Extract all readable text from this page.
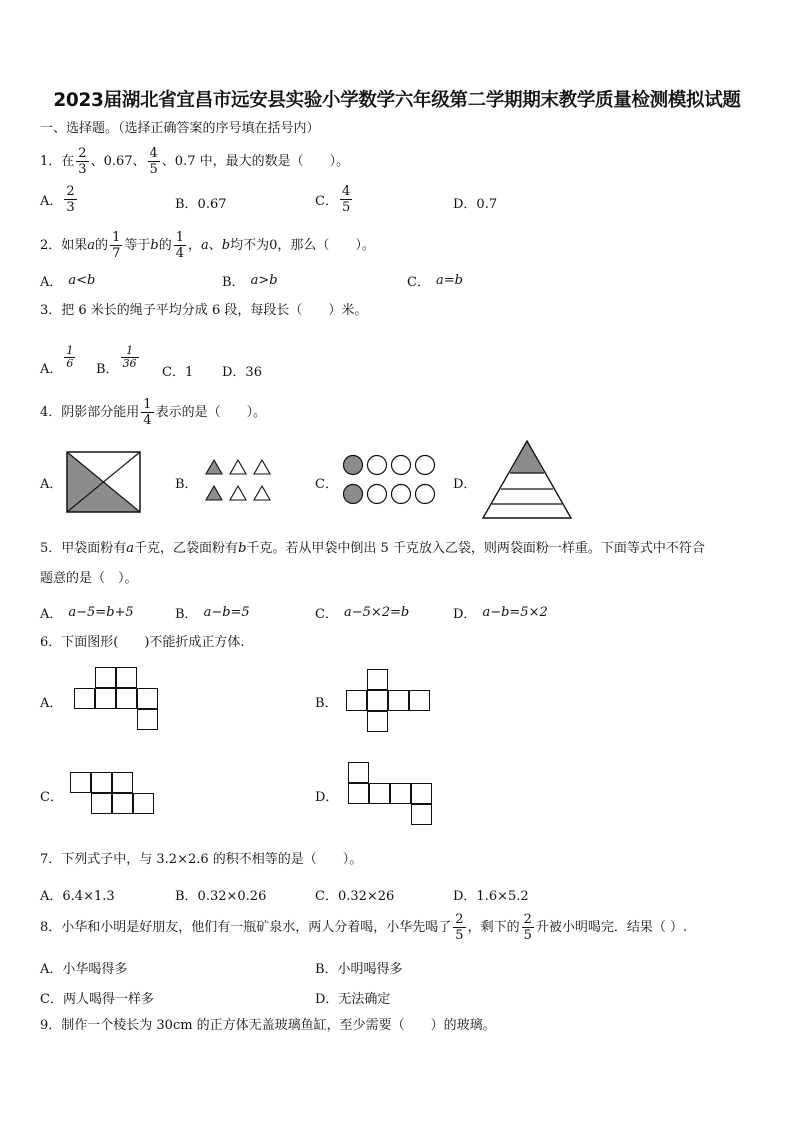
2023届湖北省宜昌市远安县实验小学数学六年级第二学期期末教学质量检测模拟试题
一、选择题。（选择正确答案的序号填在括号内）
1．在 $\frac{2}{3}$ 、0.67、 $\frac{4}{5}$ 、0.7 中，最大的数是（　　）。
A． $\frac{2}{3}$	B．0.67	C． $\frac{4}{5}$	D．0.7
2．如果 a 的 $\frac{1}{7}$ 等于 b 的 $\frac{1}{4}$ ， a 、 b 均不为0，那么（　　）。
A． a<b	B． a>b	C． a=b
3．把 6 米长的绳子平均分成 6 段，每段长（　　）米。
A． $\frac{1}{6}$ B． $\frac{1}{36}$
C．1 D．36
4．阴影部分能用 $\frac{1}{4}$ 表示的是（　　）。
A．	B．	C．	D．
5．甲袋面粉有 a 千克，乙袋面粉有 b 千克。若从甲袋中倒出 5 千克放入乙袋，则两袋面粉一样重。下面等式中不符合
题意的是（　）。
A． a−5=b+5	B． a−b=5	C． a−5×2=b	D． a−b=5×2
6．下面图形(　　)不能折成正方体.
A．	B．
C．	D．
7．下列式子中，与 3.2×2.6 的积不相等的是（　　）。
A．6.4×1.3	B．0.32×0.26	C．0.32×26	D．1.6×5.2
8．小华和小明是好朋友，他们有一瓶矿泉水，两人分着喝，小华先喝了 $\frac{2}{5}$ ，剩下的 $\frac{2}{5}$ 升被小明喝完．结果（ ）.
A．小华喝得多	B．小明喝得多
C．两人喝得一样多	D．无法确定
9．制作一个棱长为 30cm 的正方体无盖玻璃鱼缸，至少需要（　　）的玻璃。
